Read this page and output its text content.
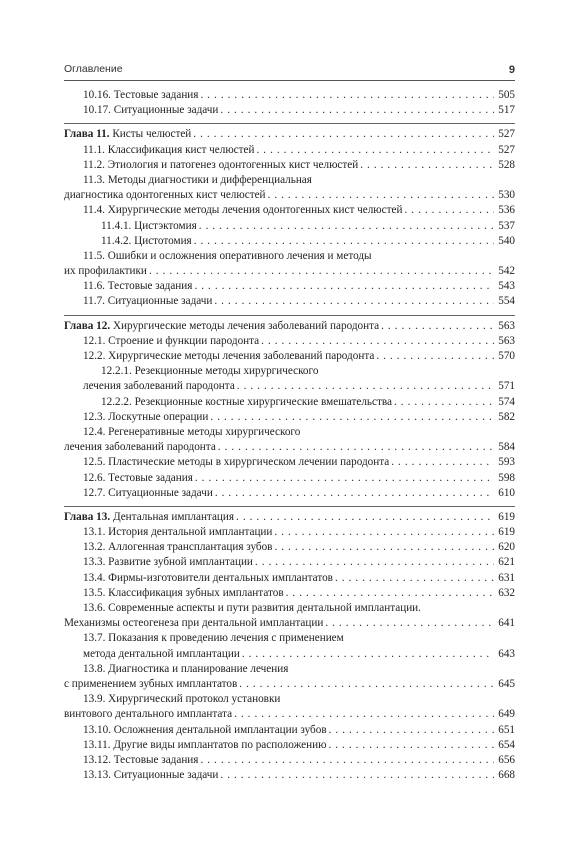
Оглавление	9
10.16. Тестовые задания . . .	505
10.17. Ситуационные задачи . . .	517
Глава 11. Кисты челюстей . . .	527
11.1. Классификация кист челюстей . . .	527
11.2. Этиология и патогенез одонтогенных кист челюстей . . .	528
11.3. Методы диагностики и дифференциальная
диагностика одонтогенных кист челюстей . . .	530
11.4. Хирургические методы лечения одонтогенных кист челюстей . . .	536
11.4.1. Цистэктомия . . .	537
11.4.2. Цистотомия . . .	540
11.5. Ошибки и осложнения оперативного лечения и методы
их профилактики . . .	542
11.6. Тестовые задания . . .	543
11.7. Ситуационные задачи . . .	554
Глава 12. Хирургические методы лечения заболеваний пародонта . . .	563
12.1. Строение и функции пародонта . . .	563
12.2. Хирургические методы лечения заболеваний пародонта . . .	570
12.2.1. Резекционные методы хирургического
лечения заболеваний пародонта . . .	571
12.2.2. Резекционные костные хирургические вмешательства . . .	574
12.3. Лоскутные операции . . .	582
12.4. Регенеративные методы хирургического
лечения заболеваний пародонта . . .	584
12.5. Пластические методы в хирургическом лечении пародонта . . .	593
12.6. Тестовые задания . . .	598
12.7. Ситуационные задачи . . .	610
Глава 13. Дентальная имплантация . . .	619
13.1. История дентальной имплантации . . .	619
13.2. Аллогенная трансплантация зубов . . .	620
13.3. Развитие зубной имплантации . . .	621
13.4. Фирмы-изготовители дентальных имплантатов . . .	631
13.5. Классификация зубных имплантатов . . .	632
13.6. Современные аспекты и пути развития дентальной имплантации.
Механизмы остеогенеза при дентальной имплантации . . .	641
13.7. Показания к проведению лечения с применением
метода дентальной имплантации . . .	643
13.8. Диагностика и планирование лечения
с применением зубных имплантатов . . .	645
13.9. Хирургический протокол установки
винтового дентального имплантата . . .	649
13.10. Осложнения дентальной имплантации зубов . . .	651
13.11. Другие виды имплантатов по расположению . . .	654
13.12. Тестовые задания . . .	656
13.13. Ситуационные задачи . . .	668
